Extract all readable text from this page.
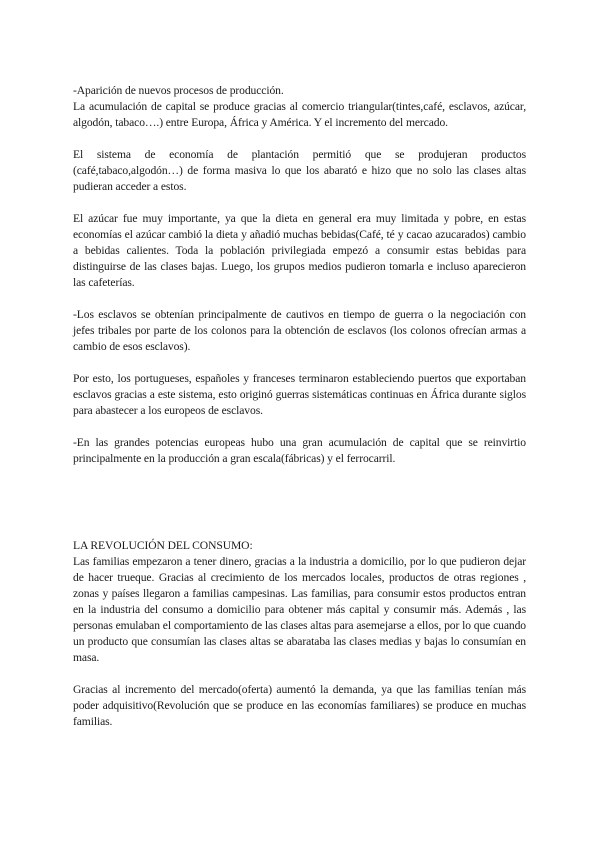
-Aparición de nuevos procesos de producción.

La acumulación de capital se produce gracias al comercio triangular(tintes,café, esclavos, azúcar, algodón, tabaco….) entre Europa, África y América. Y el incremento del mercado.

El sistema de economía de plantación permitió que se produjeran productos (café,tabaco,algodón…) de forma masiva lo que los abarató e hizo que no solo las clases altas pudieran acceder a estos.

El azúcar fue muy importante, ya que la dieta en general era muy limitada y pobre, en estas economías el azúcar cambió la dieta y añadió muchas bebidas(Café, té y cacao azucarados) cambio a bebidas calientes. Toda la población privilegiada empezó a consumir estas bebidas para distinguirse de las clases bajas. Luego, los grupos medios pudieron tomarla e incluso aparecieron las cafeterías.

-Los esclavos se obtenían principalmente de cautivos en tiempo de guerra o la negociación con jefes tribales por parte de los colonos para la obtención de esclavos (los colonos ofrecían armas a cambio de esos esclavos).

Por esto, los portugueses, españoles y franceses terminaron estableciendo puertos que exportaban esclavos gracias a este sistema, esto originó guerras sistemáticas continuas en África durante siglos para abastecer a los europeos de esclavos.

-En las grandes potencias europeas hubo una gran acumulación de capital que se reinvirtio principalmente en la producción a gran escala(fábricas) y el ferrocarril.

LA REVOLUCIÓN DEL CONSUMO:

Las familias empezaron a tener dinero, gracias a la industria a domicilio, por lo que pudieron dejar de hacer trueque. Gracias al crecimiento de los mercados locales, productos de otras regiones , zonas y países llegaron a familias campesinas. Las familias, para consumir estos productos entran en la industria del consumo a domicilio para obtener más capital y consumir más. Además , las personas emulaban el comportamiento de las clases altas para asemejarse a ellos, por lo que cuando un producto que consumían las clases altas se abarataba las clases medias y bajas lo consumían en masa.

Gracias al incremento del mercado(oferta) aumentó la demanda, ya que las familias tenían más poder adquisitivo(Revolución que se produce en las economías familiares) se produce en muchas familias.
